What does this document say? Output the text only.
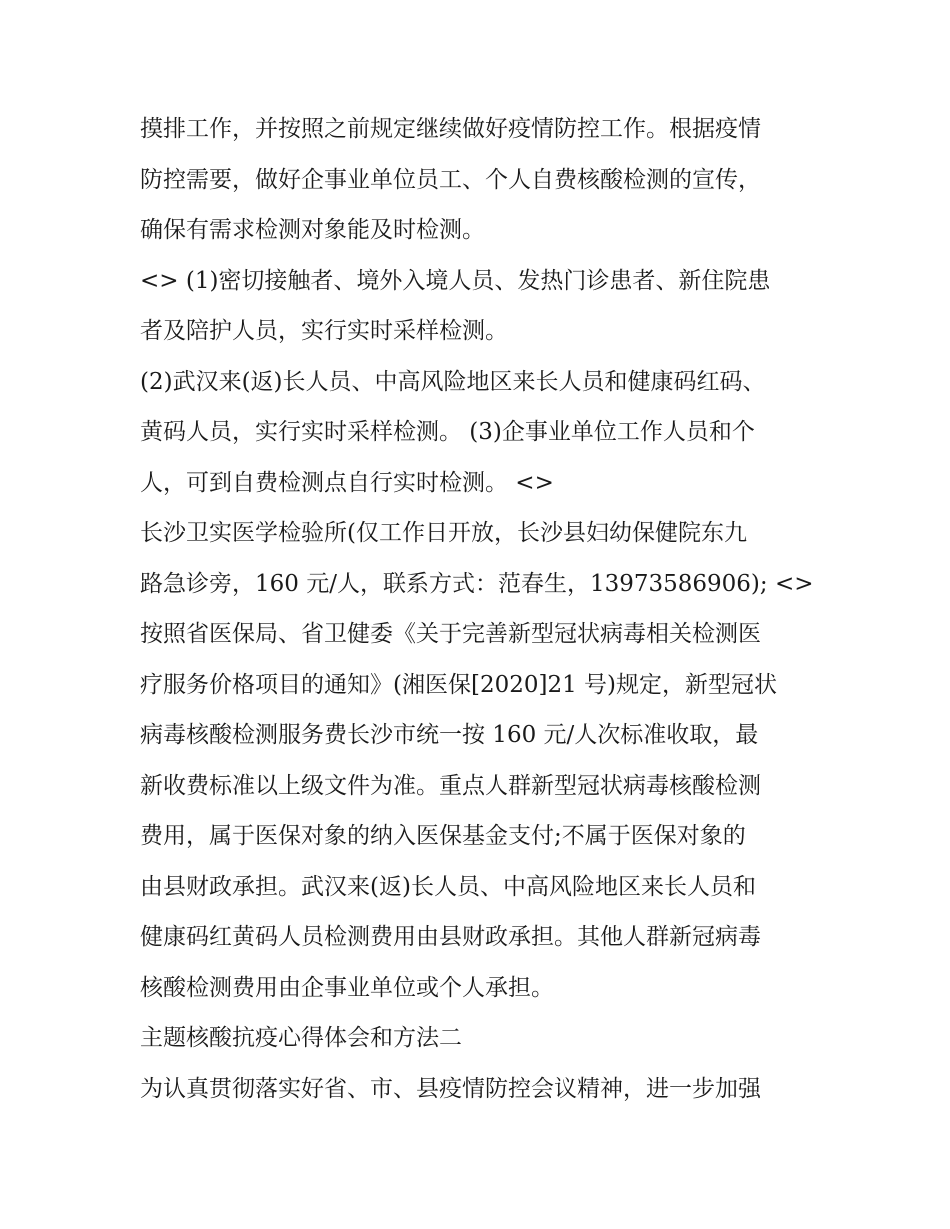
摸排工作，并按照之前规定继续做好疫情防控工作。根据疫情
防控需要，做好企事业单位员工、个人自费核酸检测的宣传，
确保有需求检测对象能及时检测。
<> (1)密切接触者、境外入境人员、发热门诊患者、新住院患
者及陪护人员，实行实时采样检测。
(2)武汉来(返)长人员、中高风险地区来长人员和健康码红码、
黄码人员，实行实时采样检测。 (3)企事业单位工作人员和个
人，可到自费检测点自行实时检测。 <>
长沙卫实医学检验所(仅工作日开放，长沙县妇幼保健院东九
路急诊旁，160 元/人，联系方式：范春生，13973586906); <>
按照省医保局、省卫健委《关于完善新型冠状病毒相关检测医
疗服务价格项目的通知》(湘医保[2020]21 号)规定，新型冠状
病毒核酸检测服务费长沙市统一按 160 元/人次标准收取，最
新收费标准以上级文件为准。重点人群新型冠状病毒核酸检测
费用，属于医保对象的纳入医保基金支付;不属于医保对象的
由县财政承担。武汉来(返)长人员、中高风险地区来长人员和
健康码红黄码人员检测费用由县财政承担。其他人群新冠病毒
核酸检测费用由企事业单位或个人承担。
主题核酸抗疫心得体会和方法二
为认真贯彻落实好省、市、县疫情防控会议精神，进一步加强
